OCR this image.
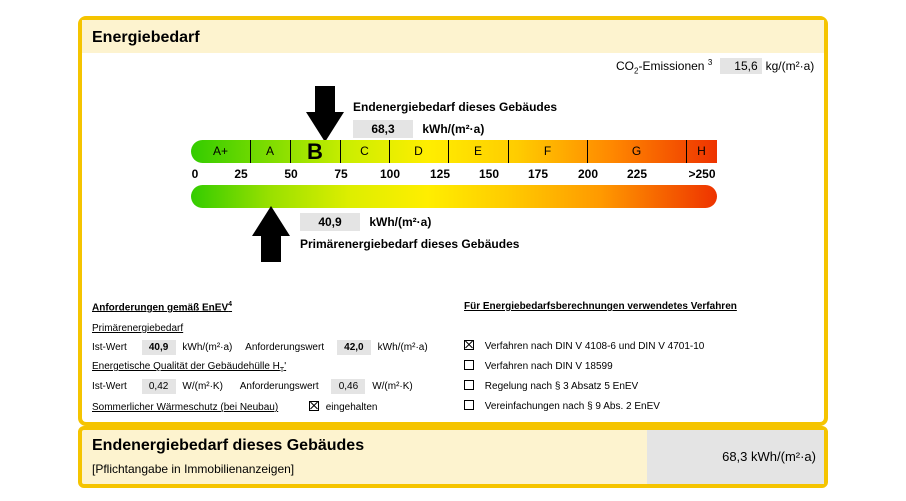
Energiebedarf
$CO_2$-Emissionen $^3$ 15,6 kg/(m²·a)
Endenergiebedarf dieses Gebäudes
68,3 kWh/(m²·a)
A+	A	B	C	D	E	F	G	H
0	25	50	75	100 125 150 175 200 225	>250
40,9 kWh/(m²·a)
Primärenergiebedarf dieses Gebäudes
Anforderungen gemäß EnEV$^4$
Primärenergiebedarf
Ist-Wert 40,9 kWh/(m²·a) Anforderungswert 42,0 kWh/(m²·a)
Energetische Qualität der Gebäudehülle $H_T'$
Ist-Wert 0,42 W/(m²·K) Anforderungswert 0,46 W/(m²·K)
Sommerlicher Wärmeschutz (bei Neubau)	eingehalten
Für Energiebedarfsberechnungen verwendetes Verfahren
Verfahren nach DIN V 4108-6 und DIN V 4701-10
Verfahren nach DIN V 18599
Regelung nach § 3 Absatz 5 EnEV
Vereinfachungen nach § 9 Abs. 2 EnEV
Endenergiebedarf dieses Gebäudes
[Pflichtangabe in Immobilienanzeigen]
68,3 kWh/(m²·a)
